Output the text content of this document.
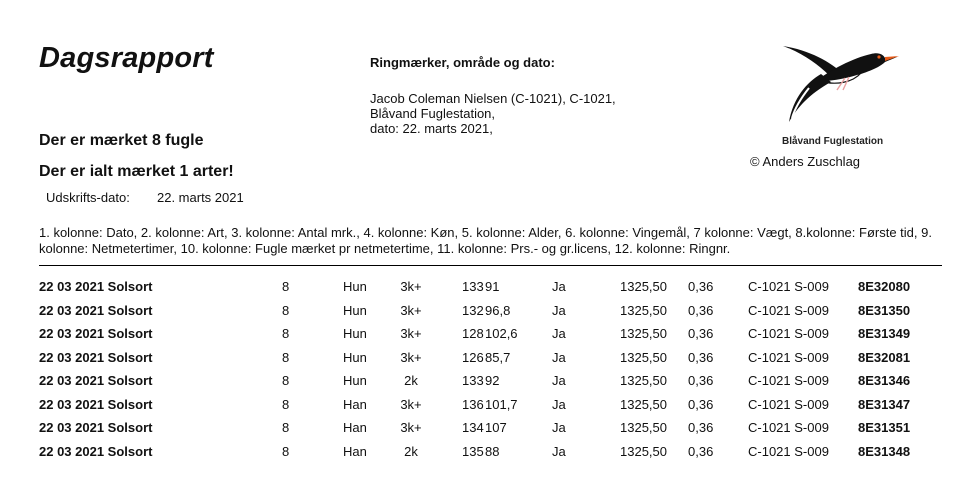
Dagsrapport	Ringmærker, område og dato:
Jacob Coleman Nielsen (C-1021), C-1021,
Blåvand Fuglestation,
dato: 22. marts 2021,
Der er mærket 8 fugle
Der er ialt mærket 1 arter!
Udskrifts-dato: 22. marts 2021
Blåvand Fuglestation
© Anders Zuschlag
1. kolonne: Dato, 2. kolonne: Art, 3. kolonne: Antal mrk., 4. kolonne: Køn, 5. kolonne: Alder, 6. kolonne: Vingemål, 7 kolonne: Vægt, 8.kolonne: Første tid, 9. kolonne: Netmetertimer, 10. kolonne: Fugle mærket pr netmetertime, 11. kolonne: Prs.- og gr.licens, 12. kolonne: Ringnr.
22 03 2021 Solsort	8	Hun	3k+	133 91	Ja	1325,50 0,36	C-1021 S-009 8E32080
22 03 2021 Solsort	8	Hun	3k+	132 96,8	Ja	1325,50 0,36	C-1021 S-009 8E31350
22 03 2021 Solsort	8	Hun	3k+	128 102,6	Ja	1325,50 0,36	C-1021 S-009 8E31349
22 03 2021 Solsort	8	Hun	3k+	126 85,7	Ja	1325,50 0,36	C-1021 S-009 8E32081
22 03 2021 Solsort	8	Hun	2k	133 92	Ja	1325,50 0,36	C-1021 S-009 8E31346
22 03 2021 Solsort	8	Han	3k+	136 101,7	Ja	1325,50 0,36	C-1021 S-009 8E31347
22 03 2021 Solsort	8	Han	3k+	134 107	Ja	1325,50 0,36	C-1021 S-009 8E31351
22 03 2021 Solsort	8	Han	2k	135 88	Ja	1325,50 0,36	C-1021 S-009 8E31348
